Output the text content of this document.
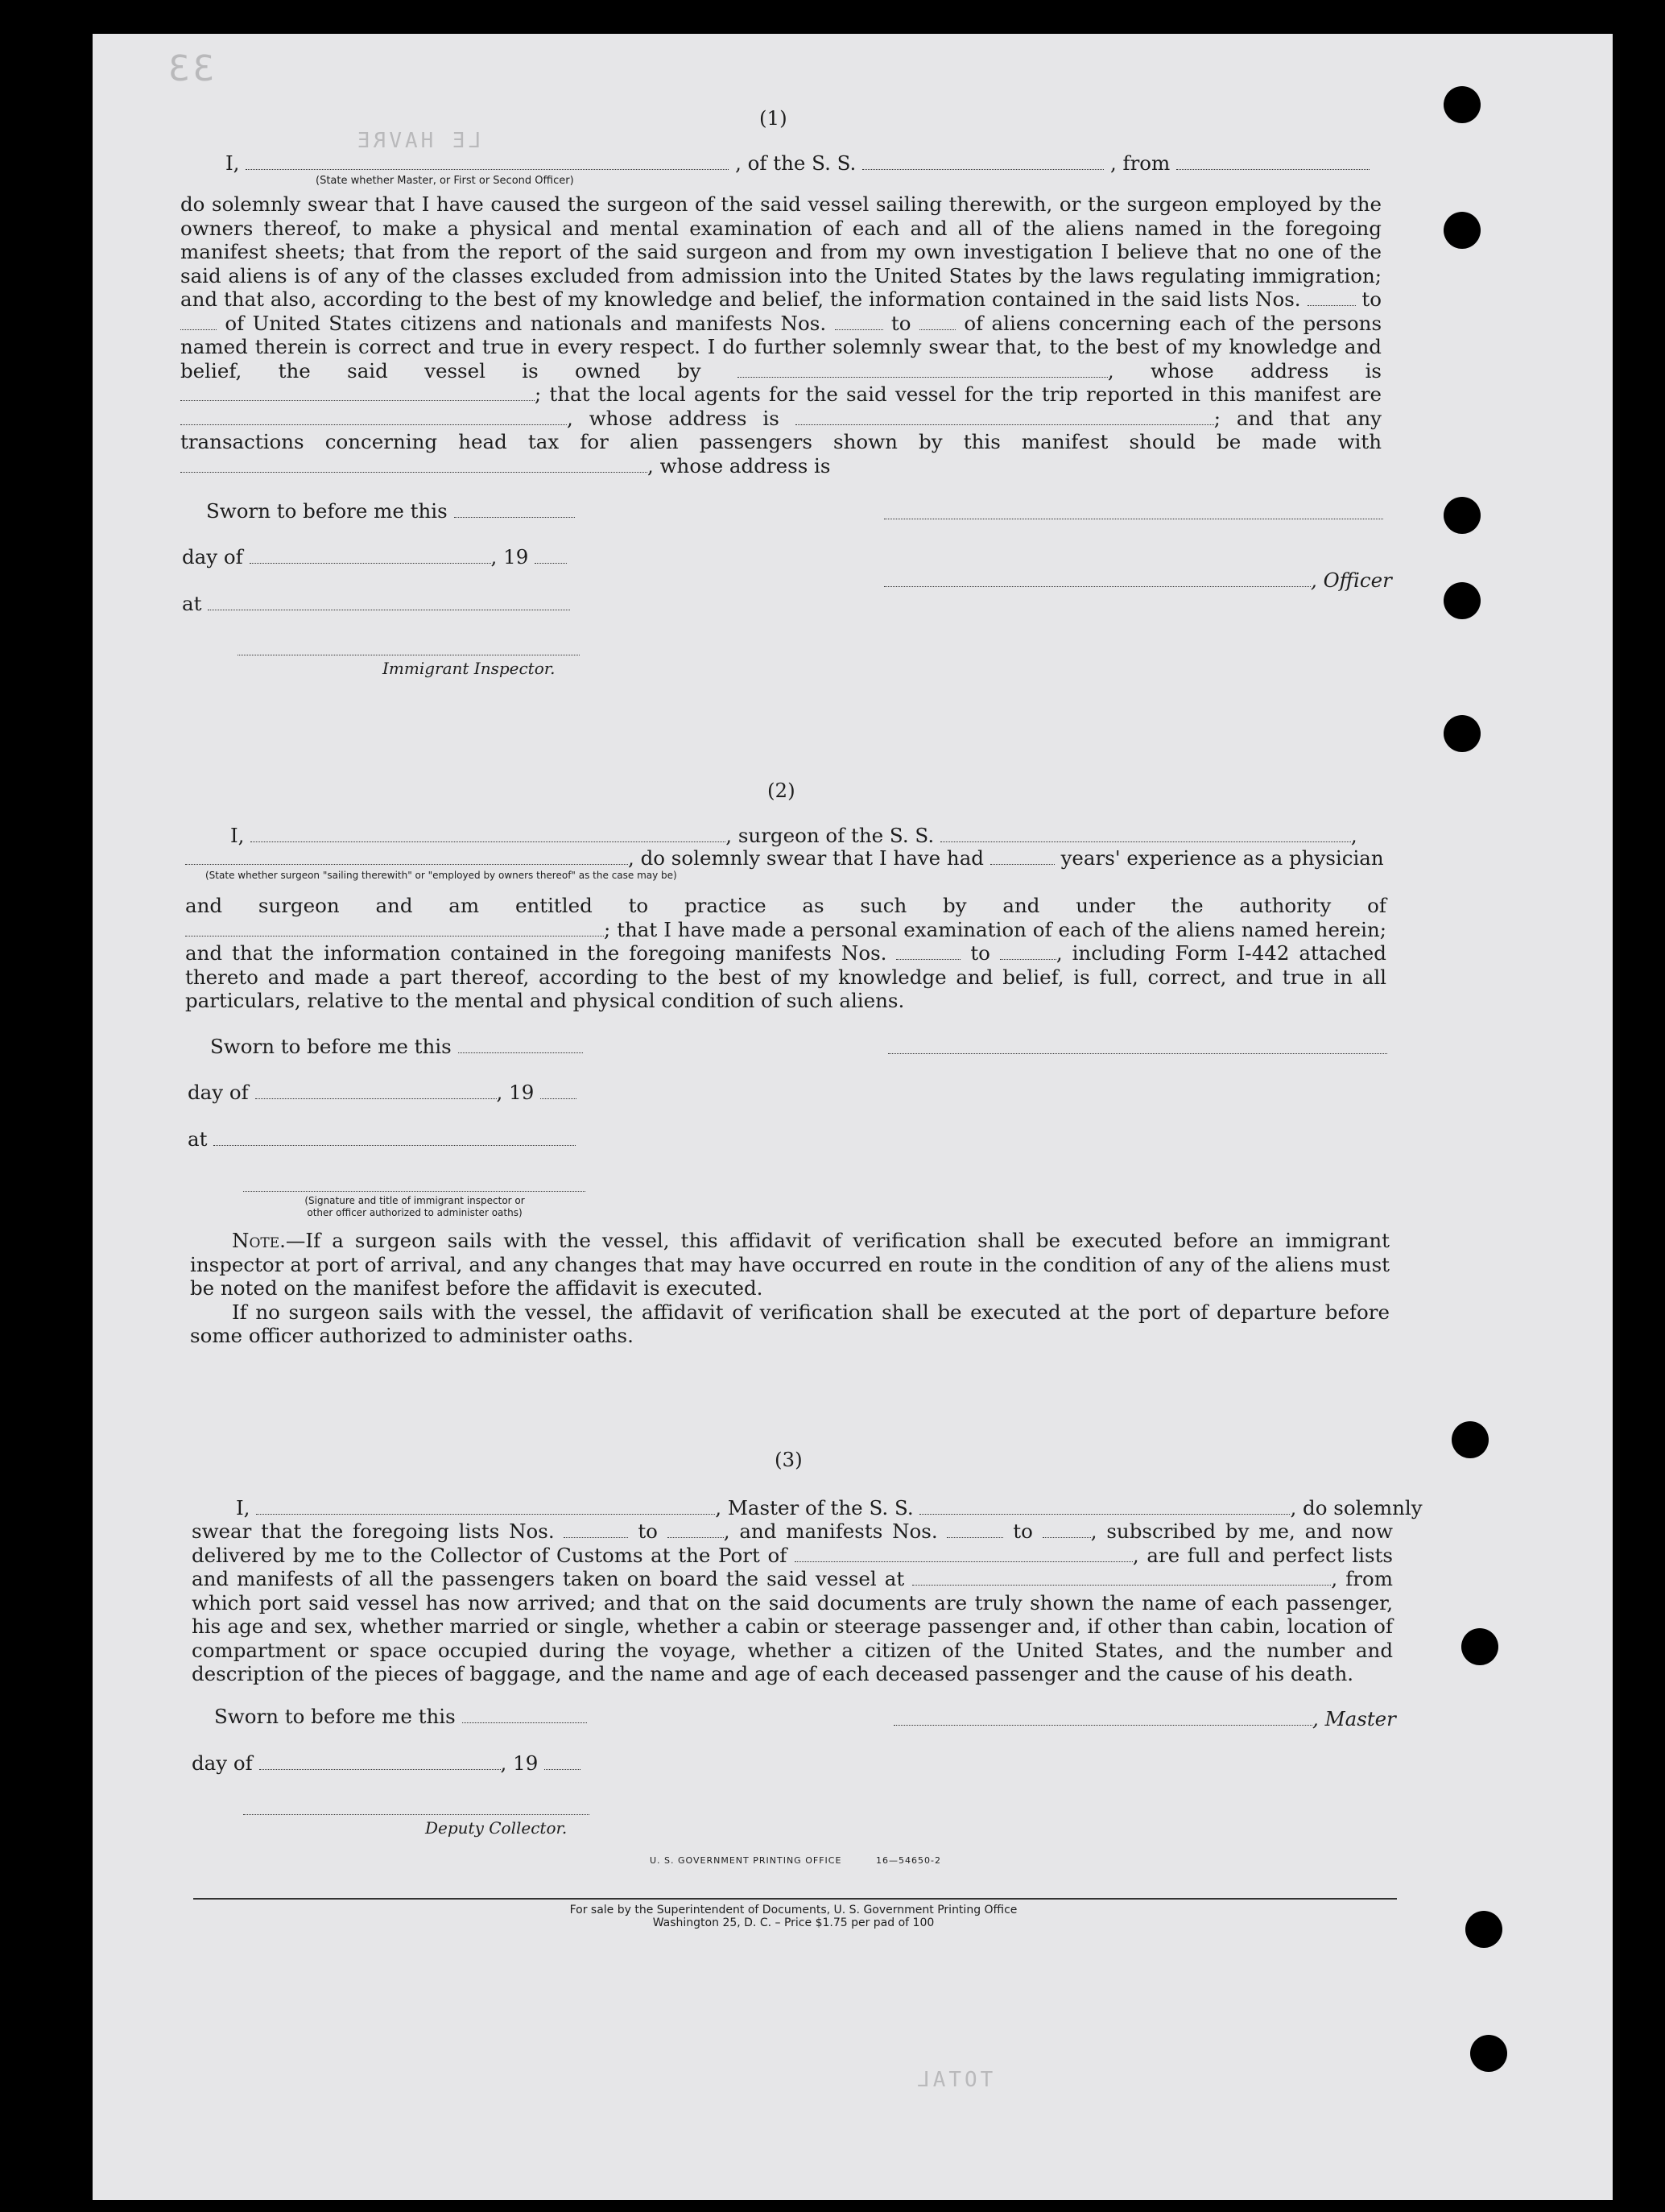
33
LE HAVRE
TOTAL
(1)
I,	, of the S. S.	, from
(State whether Master, or First or Second Officer)

do solemnly swear that I have caused the surgeon of the said vessel sailing therewith, or the surgeon employed by the owners thereof, to make a physical and mental examination of each and all of the aliens named in the foregoing manifest sheets; that from the report of the said surgeon and from my own investigation I believe that no one of the said aliens is of any of the classes excluded from admission into the United States by the laws regulating immigration; and that also, according to the best of my knowledge and belief, the information contained in the said lists Nos.	to  of United States citizens and nationals and manifests Nos.	to	of aliens concerning each of the persons named therein is correct and true in every respect. I do further solemnly swear that, to the best of my knowledge and belief, the said vessel is owned by	, whose address is ; that the local agents for the said vessel for the trip reported in this manifest are , whose address is	; and that any transactions concerning head tax for alien passengers shown by this manifest should be made with , whose address is

Sworn to before me this
day of	, 19
, Officer
at
Immigrant Inspector.
(2)
I,	, surgeon of the S. S.	,
, do solemnly swear that I have had	years' experience as a physician
(State whether surgeon "sailing therewith" or "employed by owners thereof" as the case may be)

and surgeon and am entitled to practice as such by and under the authority of ; that I have made a personal examination of each of the aliens named herein; and that the information contained in the foregoing manifests Nos.	to	, including Form I-442 attached thereto and made a part thereof, according to the best of my knowledge and belief, is full, correct, and true in all particulars, relative to the mental and physical condition of such aliens.

Sworn to before me this
day of	, 19
at
(Signature and title of immigrant inspector or
other officer authorized to administer oaths)

Note.—If a surgeon sails with the vessel, this affidavit of verification shall be executed before an immigrant inspector at port of arrival, and any changes that may have occurred en route in the condition of any of the aliens must be noted on the manifest before the affidavit is executed.

If no surgeon sails with the vessel, the affidavit of verification shall be executed at the port of departure before some officer authorized to administer oaths.

(3)
I,	, Master of the S. S.	, do solemnly

swear that the foregoing lists Nos.	to	, and manifests Nos.	to	, subscribed by me, and now delivered by me to the Collector of Customs at the Port of	, are full and perfect lists and manifests of all the passengers taken on board the said vessel at	, from which port said vessel has now arrived; and that on the said documents are truly shown the name of each passenger, his age and sex, whether married or single, whether a cabin or steerage passenger and, if other than cabin, location of compartment or space occupied during the voyage, whether a citizen of the United States, and the number and description of the pieces of baggage, and the name and age of each deceased passenger and the cause of his death.

Sworn to before me this	, Master
day of	, 19
Deputy Collector.
U. S. GOVERNMENT PRINTING OFFICE	16—54650-2
For sale by the Superintendent of Documents, U. S. Government Printing Office
Washington 25, D. C. – Price $1.75 per pad of 100
